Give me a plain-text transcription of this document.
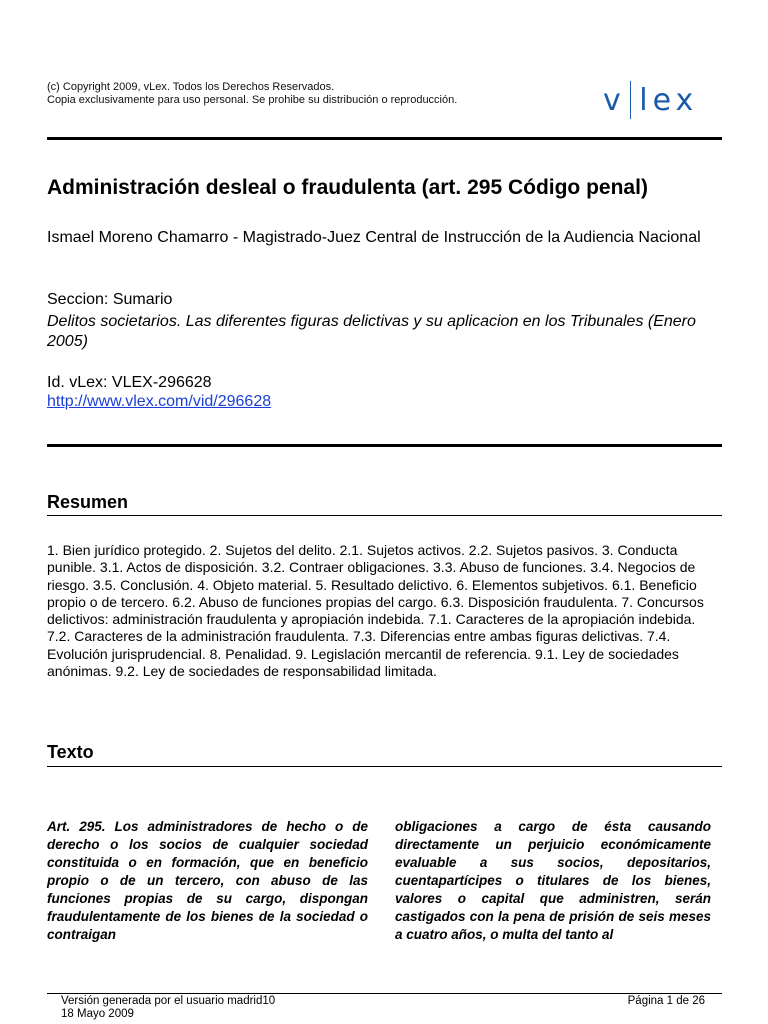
(c) Copyright 2009, vLex. Todos los Derechos Reservados.
Copia exclusivamente para uso personal. Se prohibe su distribución o reproducción.	v lex
Administración desleal o fraudulenta (art. 295 Código penal)
Ismael Moreno Chamarro - Magistrado-Juez Central de Instrucción de la Audiencia Nacional
Seccion: Sumario
Delitos societarios. Las diferentes figuras delictivas y su aplicacion en los Tribunales (Enero 2005)
Id. vLex: VLEX-296628
http://www.vlex.com/vid/296628
Resumen

1. Bien jurídico protegido. 2. Sujetos del delito. 2.1. Sujetos activos. 2.2. Sujetos pasivos. 3. Conducta punible. 3.1. Actos de disposición. 3.2. Contraer obligaciones. 3.3. Abuso de funciones. 3.4. Negocios de riesgo. 3.5. Conclusión. 4. Objeto material. 5. Resultado delictivo. 6. Elementos subjetivos. 6.1. Beneficio propio o de tercero. 6.2. Abuso de funciones propias del cargo. 6.3. Disposición fraudulenta. 7. Concursos delictivos: administración fraudulenta y apropiación indebida. 7.1. Caracteres de la apropiación indebida. 7.2. Caracteres de la administración fraudulenta. 7.3. Diferencias entre ambas figuras delictivas. 7.4. Evolución jurisprudencial. 8. Penalidad. 9. Legislación mercantil de referencia. 9.1. Ley de sociedades anónimas. 9.2. Ley de sociedades de responsabilidad limitada.

Texto

Art. 295. Los administradores de hecho o de derecho o los socios de cualquier sociedad constituida o en formación, que en beneficio propio o de un tercero, con abuso de las funciones propias de su cargo, dispongan fraudulentamente de los bienes de la sociedad o contraigan

obligaciones a cargo de ésta causando directamente un perjuicio económicamente evaluable a sus socios, depositarios, cuentapartícipes o titulares de los bienes, valores o capital que administren, serán castigados con la pena de prisión de seis meses a cuatro años, o multa del tanto al

Versión generada por el usuario madrid10
18 Mayo 2009
Página 1 de 26
